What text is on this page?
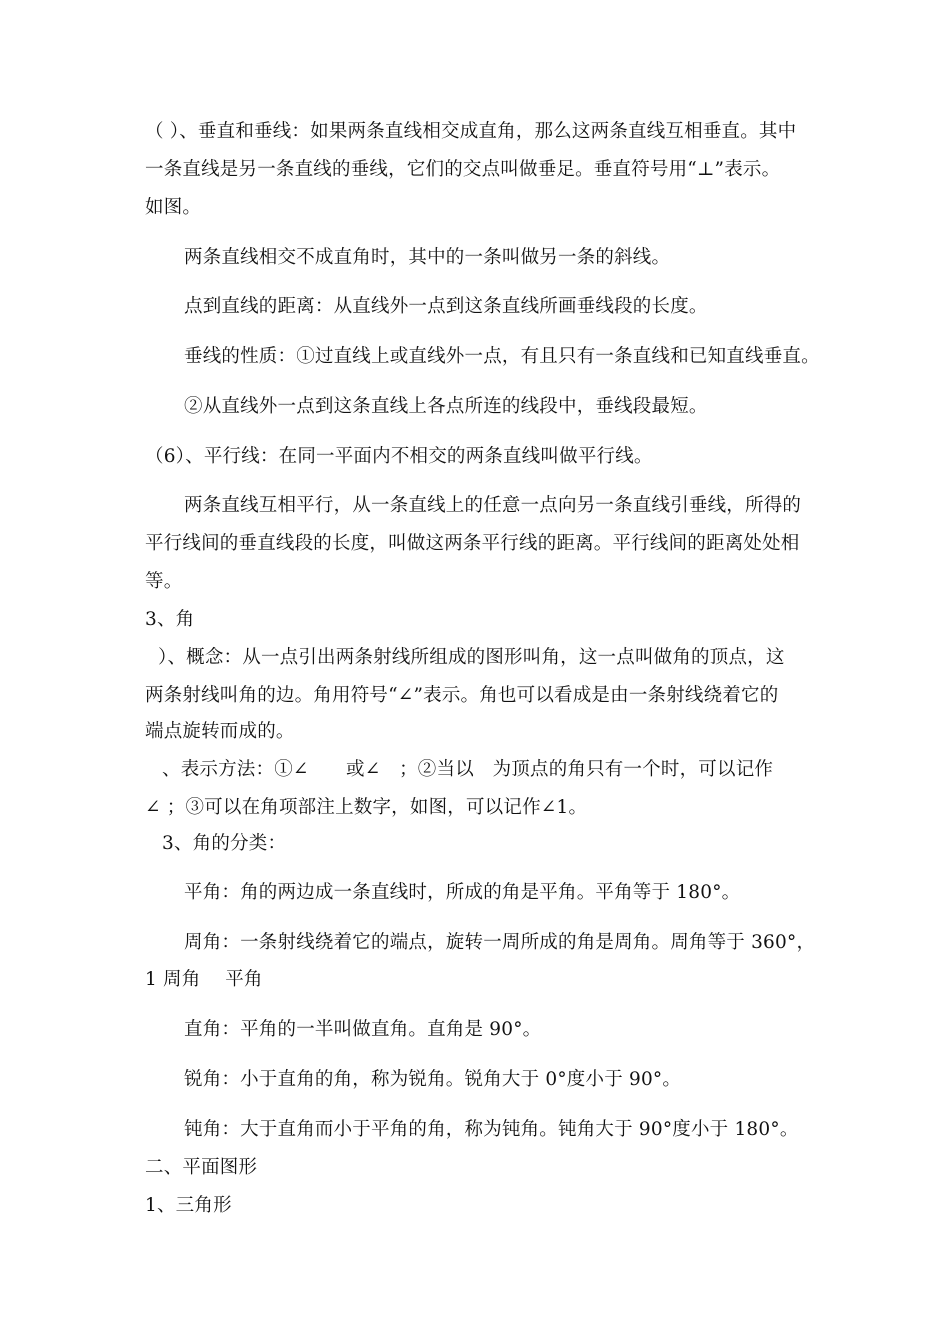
（ ）、垂直和垂线：如果两条直线相交成直角，那么这两条直线互相垂直。其中
一条直线是另一条直线的垂线，它们的交点叫做垂足。垂直符号用“⊥”表示。
如图。
两条直线相交不成直角时，其中的一条叫做另一条的斜线。
点到直线的距离：从直线外一点到这条直线所画垂线段的长度。
垂线的性质：①过直线上或直线外一点，有且只有一条直线和已知直线垂直。
②从直线外一点到这条直线上各点所连的线段中，垂线段最短。
（6）、平行线：在同一平面内不相交的两条直线叫做平行线。
两条直线互相平行，从一条直线上的任意一点向另一条直线引垂线，所得的
平行线间的垂直线段的长度，叫做这两条平行线的距离。平行线间的距离处处相
等。
3、角
）、概念：从一点引出两条射线所组成的图形叫角，这一点叫做角的顶点，这
两条射线叫角的边。角用符号“∠”表示。角也可以看成是由一条射线绕着它的
端点旋转而成的。
、表示方法：①∠　　或∠　；②当以　为顶点的角只有一个时，可以记作
∠ ；③可以在角项部注上数字，如图，可以记作∠1。
3、角的分类：
平角：角的两边成一条直线时，所成的角是平角。平角等于 180°。
周角：一条射线绕着它的端点，旋转一周所成的角是周角。周角等于 360°，
1 周角　 平角
直角：平角的一半叫做直角。直角是 90°。
锐角：小于直角的角，称为锐角。锐角大于 0°度小于 90°。
钝角：大于直角而小于平角的角，称为钝角。钝角大于 90°度小于 180°。
二、平面图形
1、三角形
